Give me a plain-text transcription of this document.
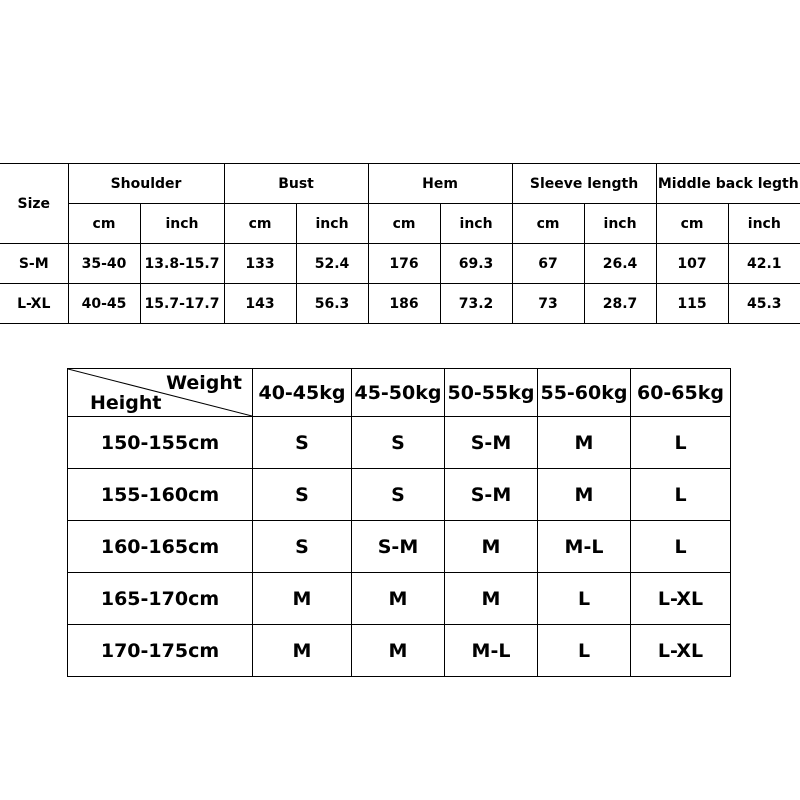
Size	Shoulder		Bust		Hem		Sleeve length		Middle back legth	
	cm	inch	cm	inch	cm	inch	cm	inch	cm	inch
S-M	35-40	13.8-15.7	133	52.4	176	69.3	67	26.4	107	42.1
L-XL	40-45	15.7-17.7	143	56.3	186	73.2	73	28.7	115	45.3
Weight
Height	40-45kg	45-50kg	50-55kg	55-60kg	60-65kg
150-155cm	S	S	S-M	M	L
155-160cm	S	S	S-M	M	L
160-165cm	S	S-M	M	M-L	L
165-170cm	M	M	M	L	L-XL
170-175cm	M	M	M-L	L	L-XL
